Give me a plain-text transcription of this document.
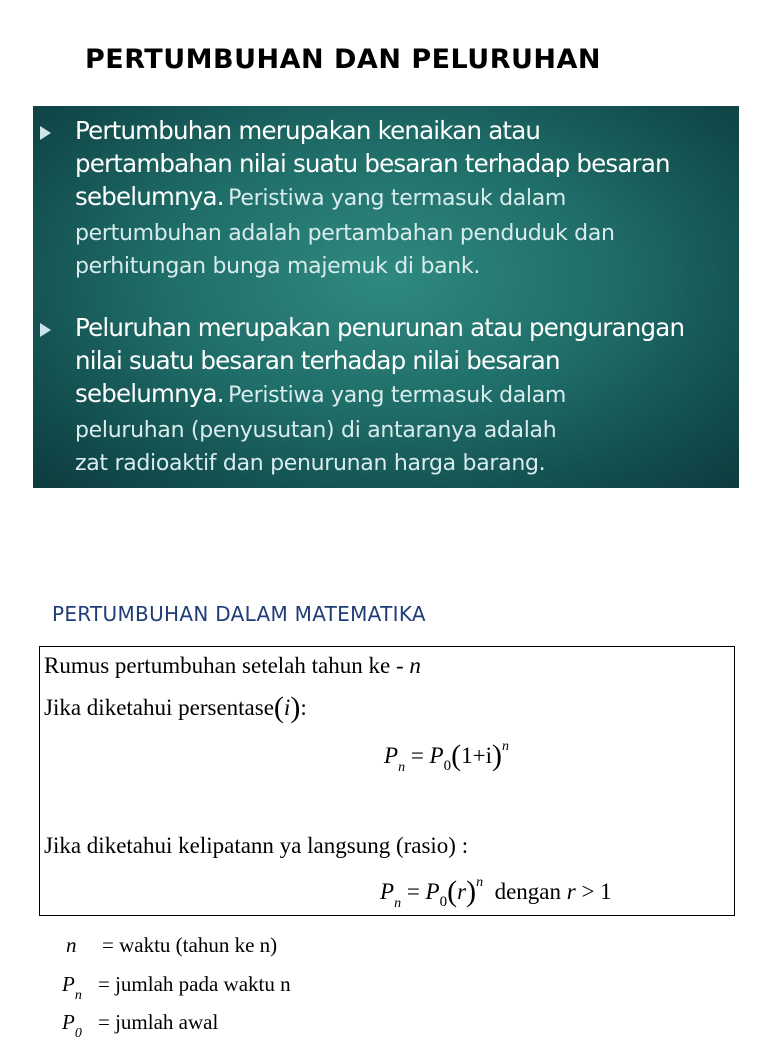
PERTUMBUHAN DAN PELURUHAN
Pertumbuhan merupakan kenaikan atau
pertambahan nilai suatu besaran terhadap besaran
sebelumnya. Peristiwa yang termasuk dalam
pertumbuhan adalah pertambahan penduduk dan
perhitungan bunga majemuk di bank.
Peluruhan merupakan penurunan atau pengurangan
nilai suatu besaran terhadap nilai besaran
sebelumnya. Peristiwa yang termasuk dalam
peluruhan (penyusutan) di antaranya adalah
zat radioaktif dan penurunan harga barang.
PERTUMBUHAN DALAM MATEMATIKA
Rumus pertumbuhan setelah tahun ke - n
Jika diketahui persentase(i):
$P_n = P_0(1+i)^n$
Jika diketahui kelipatann ya langsung (rasio) :
$P_n = P_0(r)^n$ dengan r > 1
n = waktu (tahun ke n)
$P_n$ = jumlah pada waktu n
$P_0$ = jumlah awal
